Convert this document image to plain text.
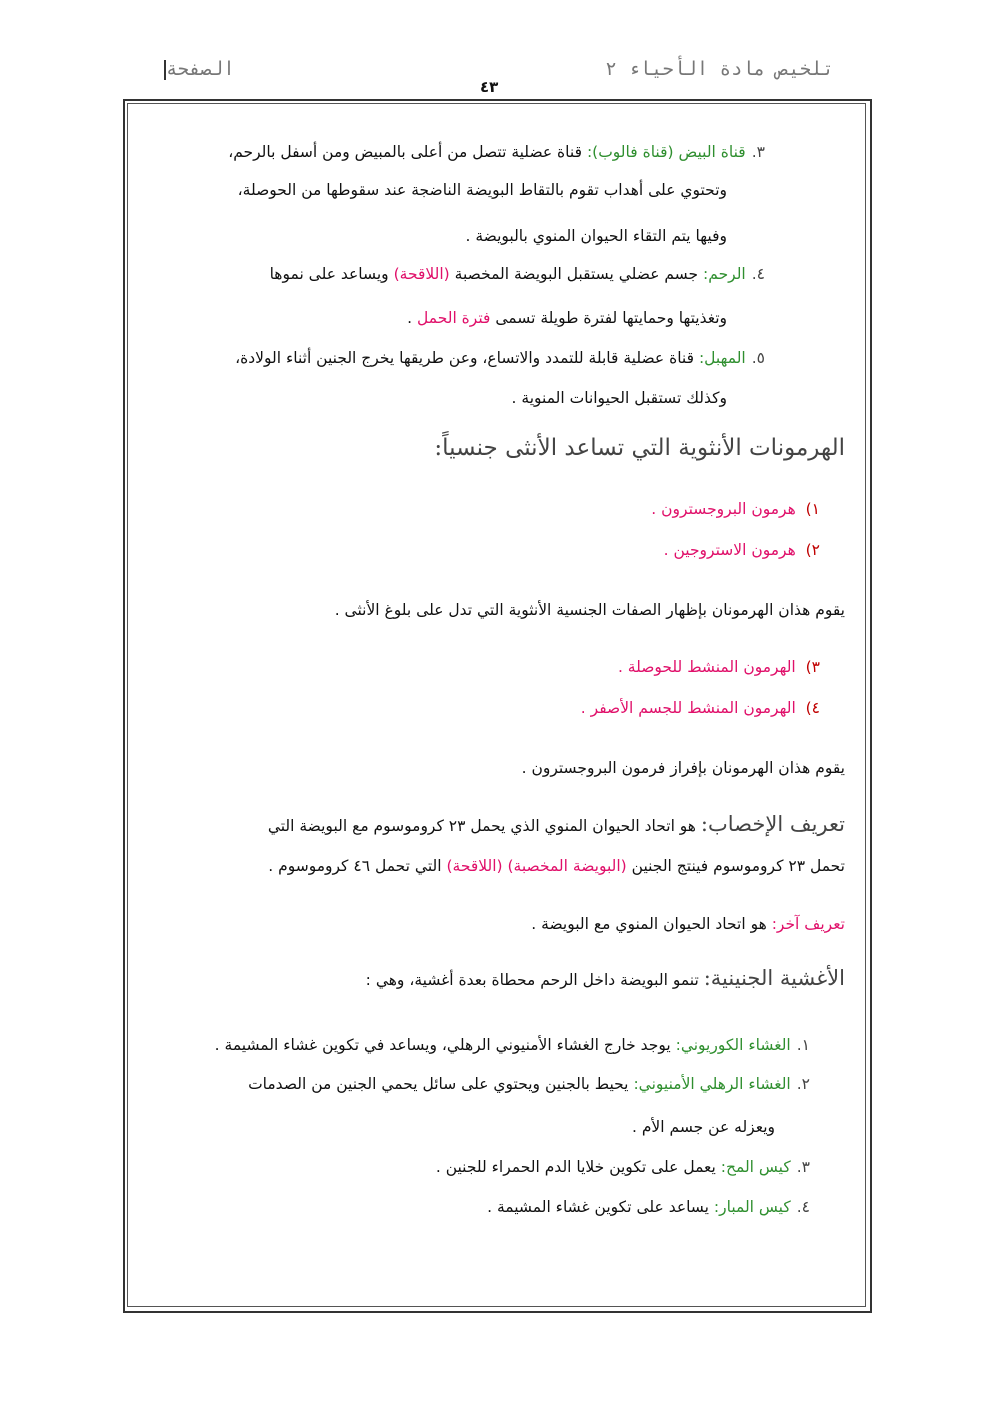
تلخيص مادة الأحياء ٢
الصفحة
٤٣
٣.قناة البيض (قناة فالوب): قناة عضلية تتصل من أعلى بالمبيض ومن أسفل بالرحم،
وتحتوي على أهداب تقوم بالتقاط البويضة الناضجة عند سقوطها من الحوصلة،
وفيها يتم التقاء الحيوان المنوي بالبويضة .
٤.الرحم: جسم عضلي يستقبل البويضة المخصبة (اللاقحة) ويساعد على نموها
وتغذيتها وحمايتها لفترة طويلة تسمى فترة الحمل .
٥.المهبل: قناة عضلية قابلة للتمدد والاتساع، وعن طريقها يخرج الجنين أثناء الولادة،
وكذلك تستقبل الحيوانات المنوية .
الهرمونات الأنثوية التي تساعد الأنثى جنسياً:
١)  هرمون البروجسترون .
٢)  هرمون الاستروجين .
يقوم هذان الهرمونان بإظهار الصفات الجنسية الأنثوية التي تدل على بلوغ الأنثى .
٣)  الهرمون المنشط للحوصلة .
٤)  الهرمون المنشط للجسم الأصفر .
يقوم هذان الهرمونان بإفراز فرمون البروجسترون .
تعريف الإخصاب: هو اتحاد الحيوان المنوي الذي يحمل ٢٣ كروموسوم مع البويضة التي
تحمل ٢٣ كروموسوم فينتج الجنين (البويضة المخصبة) (اللاقحة) التي تحمل ٤٦ كروموسوم .
تعريف آخر: هو اتحاد الحيوان المنوي مع البويضة .
الأغشية الجنينية: تنمو البويضة داخل الرحم محطاة بعدة أغشية، وهي :
١.الغشاء الكوريوني: يوجد خارج الغشاء الأمنيوني الرهلي، ويساعد في تكوين غشاء المشيمة .
٢.الغشاء الرهلي الأمنيوني: يحيط بالجنين ويحتوي على سائل يحمي الجنين من الصدمات
ويعزله عن جسم الأم .
٣.كيس المح: يعمل على تكوين خلايا الدم الحمراء للجنين .
٤.كيس المبار: يساعد على تكوين غشاء المشيمة .
